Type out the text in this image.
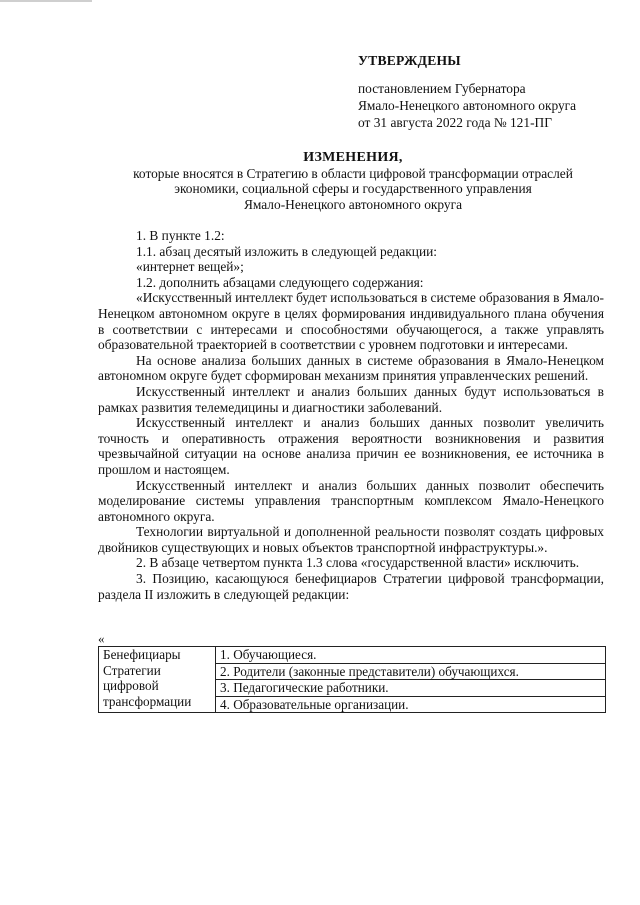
УТВЕРЖДЕНЫ
постановлением Губернатора
Ямало-Ненецкого автономного округа
от 31 августа 2022 года № 121-ПГ
ИЗМЕНЕНИЯ,
которые вносятся в Стратегию в области цифровой трансформации отраслей
экономики, социальной сферы и государственного управления
Ямало-Ненецкого автономного округа

1. В пункте 1.2:

1.1. абзац десятый изложить в следующей редакции:

«интернет вещей»;

1.2. дополнить абзацами следующего содержания:

«Искусственный интеллект будет использоваться в системе образования в Ямало-Ненецком автономном округе в целях формирования индивидуального плана обучения в соответствии с интересами и способностями обучающегося, а также управлять образовательной траекторией в соответствии с уровнем подготовки и интересами.

На основе анализа больших данных в системе образования в Ямало-Ненецком автономном округе будет сформирован механизм принятия управленческих решений.

Искусственный интеллект и анализ больших данных будут использоваться в рамках развития телемедицины и диагностики заболеваний.

Искусственный интеллект и анализ больших данных позволит увеличить точность и оперативность отражения вероятности возникновения и развития чрезвычайной ситуации на основе анализа причин ее возникновения, ее источника в прошлом и настоящем.

Искусственный интеллект и анализ больших данных позволит обеспечить моделирование системы управления транспортным комплексом Ямало-Ненецкого автономного округа.

Технологии виртуальной и дополненной реальности позволят создать цифровых двойников существующих и новых объектов транспортной инфраструктуры.».

2. В абзаце четвертом пункта 1.3 слова «государственной власти» исключить.

3. Позицию, касающуюся бенефициаров Стратегии цифровой трансформации, раздела II изложить в следующей редакции:

«
Бенефициары
Стратегии
цифровой
трансформации
	1. Обучающиеся.
2. Родители (законные представители) обучающихся.
3. Педагогические работники.
4. Образовательные организации.
